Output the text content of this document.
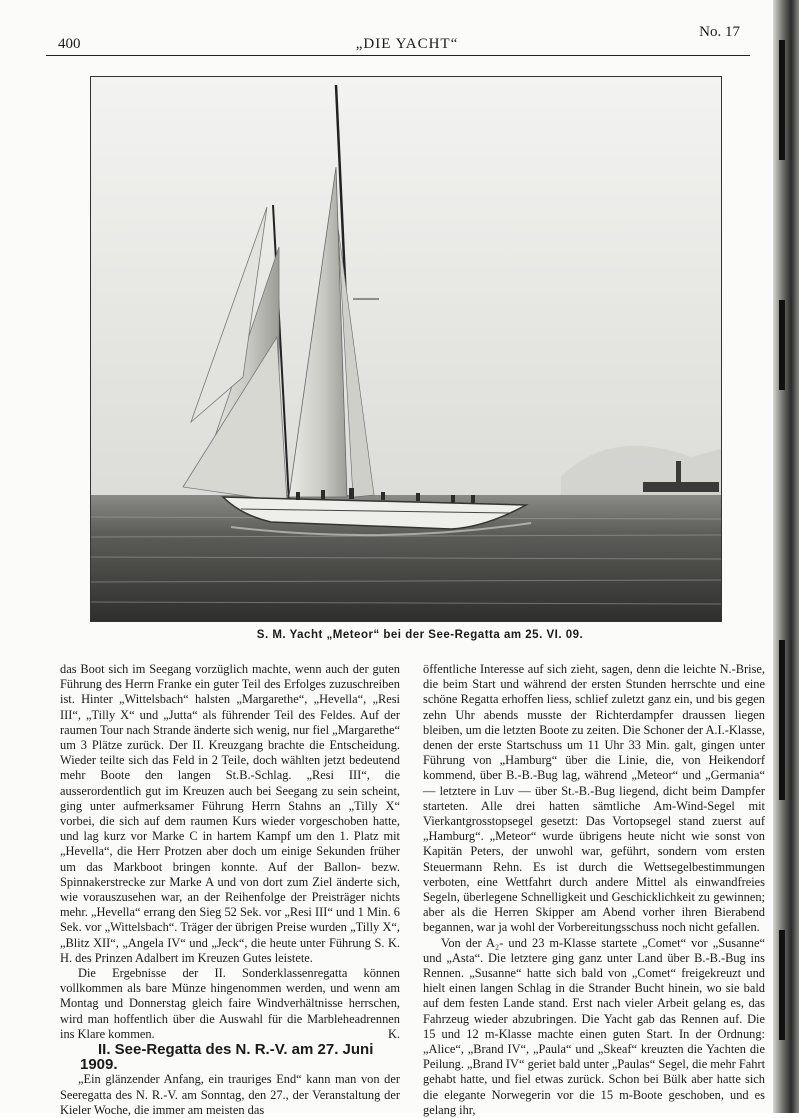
400	„DIE YACHT“
No. 17
S. M. Yacht „Meteor“ bei der See-Regatta am 25. VI. 09.

das Boot sich im Seegang vorzüglich machte, wenn auch der guten Führung des Herrn Franke ein guter Teil des Erfolges zuzuschreiben ist. Hinter „Wittelsbach“ halsten „Margarethe“, „Hevella“, „Resi III“, „Tilly X“ und „Jutta“ als führender Teil des Feldes. Auf der raumen Tour nach Strande änderte sich wenig, nur fiel „Margarethe“ um 3 Plätze zurück. Der II. Kreuzgang brachte die Entscheidung. Wieder teilte sich das Feld in 2 Teile, doch wählten jetzt bedeutend mehr Boote den langen St.B.-Schlag. „Resi III“, die ausserordentlich gut im Kreuzen auch bei Seegang zu sein scheint, ging unter aufmerksamer Führung Herrn Stahns an „Tilly X“ vorbei, die sich auf dem raumen Kurs wieder vorgeschoben hatte, und lag kurz vor Marke C in hartem Kampf um den 1. Platz mit „Hevella“, die Herr Protzen aber doch um einige Sekunden früher um das Markboot bringen konnte. Auf der Ballon- bezw. Spinnakerstrecke zur Marke A und von dort zum Ziel änderte sich, wie vorauszusehen war, an der Reihenfolge der Preisträger nichts mehr. „Hevella“ errang den Sieg 52 Sek. vor „Resi III“ und 1 Min. 6 Sek. vor „Wittelsbach“. Träger der übrigen Preise wurden „Tilly X“, „Blitz XII“, „Angela IV“ und „Jeck“, die heute unter Führung S. K. H. des Prinzen Adalbert im Kreuzen Gutes leistete.

Die Ergebnisse der II. Sonderklassenregatta können vollkommen als bare Münze hingenommen werden, und wenn am Montag und Donnerstag gleich faire Windverhältnisse herrschen, wird man hoffentlich über die Auswahl für die Marbleheadrennen ins Klare kommen.	K.

II. See-Regatta des N. R.-V. am 27. Juni 1909.

„Ein glänzender Anfang, ein trauriges End“ kann man von der Seeregatta des N. R.-V. am Sonntag, den 27., der Veranstaltung der Kieler Woche, die immer am meisten das

öffentliche Interesse auf sich zieht, sagen, denn die leichte N.-Brise, die beim Start und während der ersten Stunden herrschte und eine schöne Regatta erhoffen liess, schlief zuletzt ganz ein, und bis gegen zehn Uhr abends musste der Richterdampfer draussen liegen bleiben, um die letzten Boote zu zeiten. Die Schoner der A.I.-Klasse, denen der erste Startschuss um 11 Uhr 33 Min. galt, gingen unter Führung von „Hamburg“ über die Linie, die, von Heikendorf kommend, über B.-B.-Bug lag, während „Meteor“ und „Germania“ — letztere in Luv — über St.-B.-Bug liegend, dicht beim Dampfer starteten. Alle drei hatten sämtliche Am-Wind-Segel mit Vierkantgrosstopsegel gesetzt: Das Vortopsegel stand zuerst auf „Hamburg“. „Meteor“ wurde übrigens heute nicht wie sonst von Kapitän Peters, der unwohl war, geführt, sondern vom ersten Steuermann Rehn. Es ist durch die Wettsegelbestimmungen verboten, eine Wettfahrt durch andere Mittel als einwandfreies Segeln, überlegene Schnelligkeit und Geschicklichkeit zu gewinnen; aber als die Herren Skipper am Abend vorher ihren Bierabend begannen, war ja wohl der Vorbereitungsschuss noch nicht gefallen.

Von der A₂- und 23 m-Klasse startete „Comet“ vor „Susanne“ und „Asta“. Die letztere ging ganz unter Land über B.-B.-Bug ins Rennen. „Susanne“ hatte sich bald von „Comet“ freigekreuzt und hielt einen langen Schlag in die Strander Bucht hinein, wo sie bald auf dem festen Lande stand. Erst nach vieler Arbeit gelang es, das Fahrzeug wieder abzubringen. Die Yacht gab das Rennen auf. Die 15 und 12 m-Klasse machte einen guten Start. In der Ordnung: „Alice“, „Brand IV“, „Paula“ und „Skeaf“ kreuzten die Yachten die Peilung. „Brand IV“ geriet bald unter „Paulas“ Segel, die mehr Fahrt gehabt hatte, und fiel etwas zurück. Schon bei Bülk aber hatte sich die elegante Norwegerin vor die 15 m-Boote geschoben, und es gelang ihr,
